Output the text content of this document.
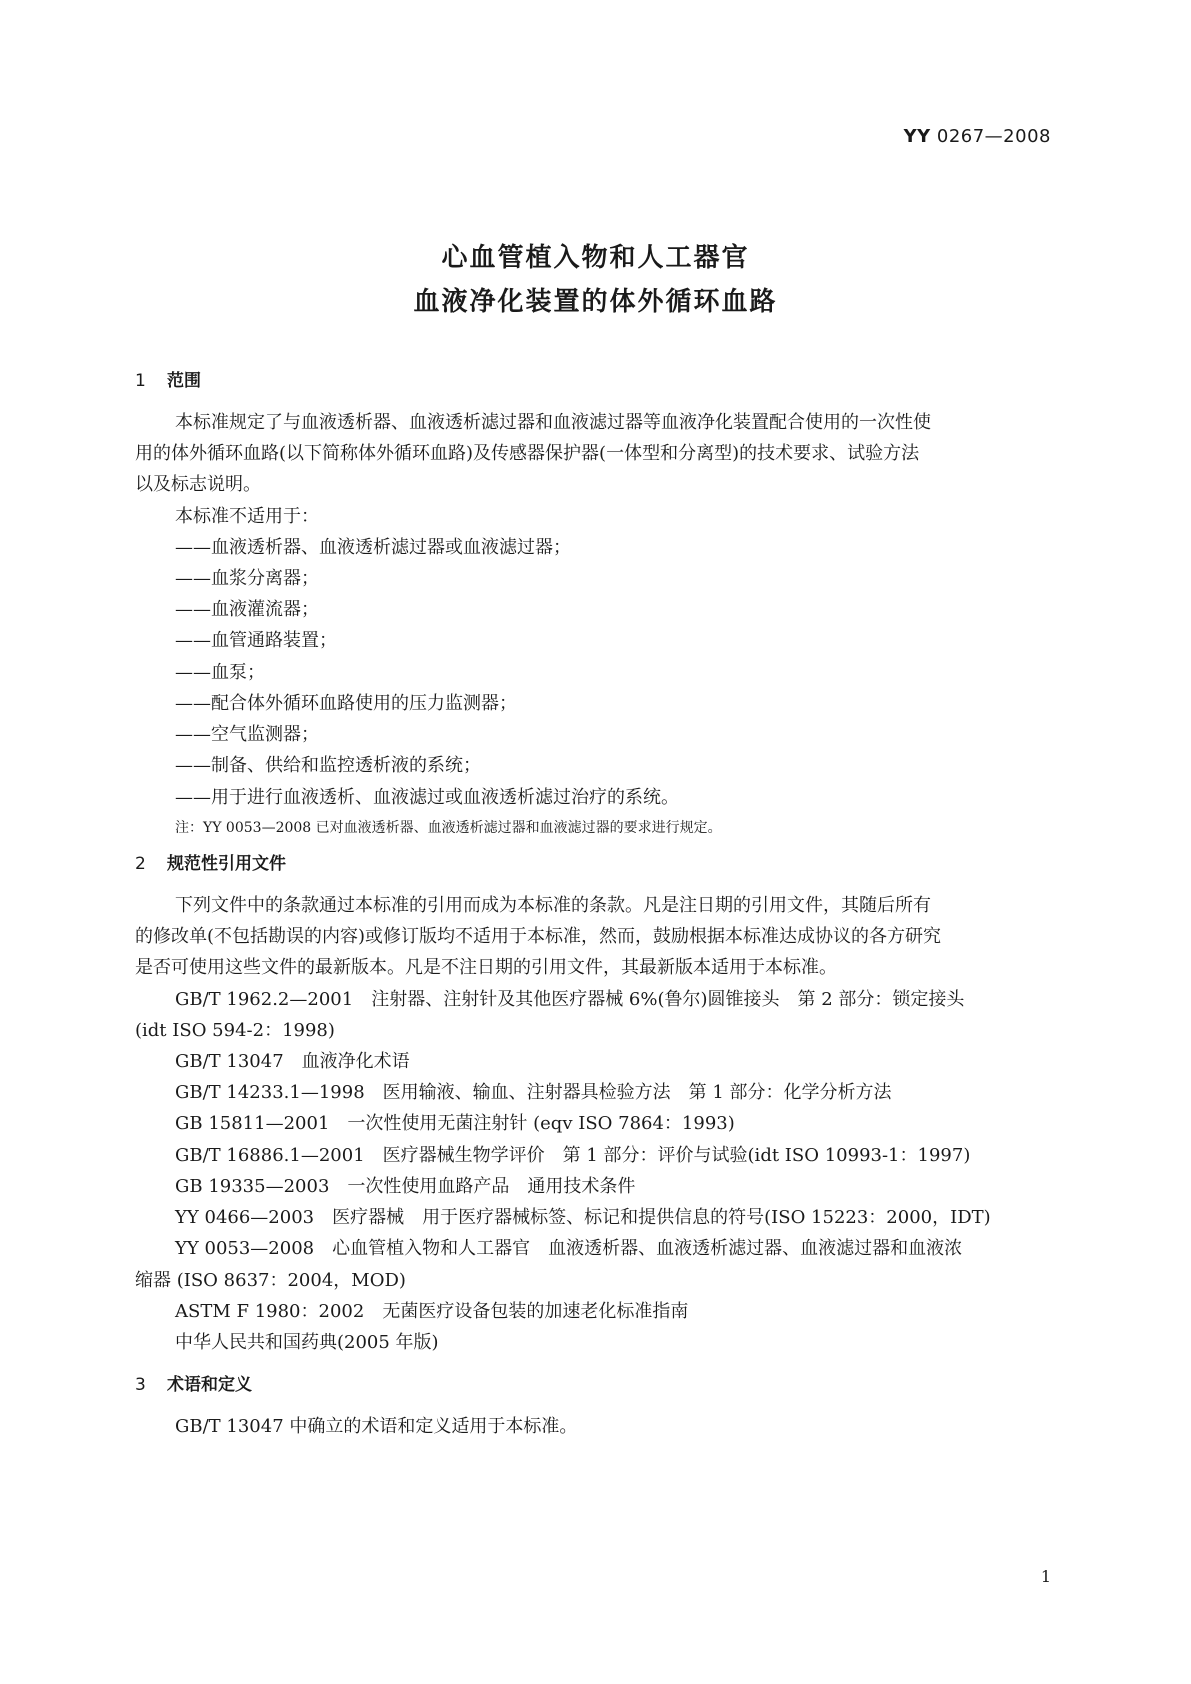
YY 0267—2008
心血管植入物和人工器官
血液净化装置的体外循环血路
1 范围
本标准规定了与血液透析器、血液透析滤过器和血液滤过器等血液净化装置配合使用的一次性使
用的体外循环血路(以下简称体外循环血路)及传感器保护器(一体型和分离型)的技术要求、试验方法
以及标志说明。
本标准不适用于：
——血液透析器、血液透析滤过器或血液滤过器；
——血浆分离器；
——血液灌流器；
——血管通路装置；
——血泵；
——配合体外循环血路使用的压力监测器；
——空气监测器；
——制备、供给和监控透析液的系统；
——用于进行血液透析、血液滤过或血液透析滤过治疗的系统。
注：YY 0053—2008 已对血液透析器、血液透析滤过器和血液滤过器的要求进行规定。
2 规范性引用文件
下列文件中的条款通过本标准的引用而成为本标准的条款。凡是注日期的引用文件，其随后所有
的修改单(不包括勘误的内容)或修订版均不适用于本标准，然而，鼓励根据本标准达成协议的各方研究
是否可使用这些文件的最新版本。凡是不注日期的引用文件，其最新版本适用于本标准。
GB/T 1962.2—2001　注射器、注射针及其他医疗器械 6%(鲁尔)圆锥接头　第 2 部分：锁定接头
(idt ISO 594-2：1998)
GB/T 13047　血液净化术语
GB/T 14233.1—1998　医用输液、输血、注射器具检验方法　第 1 部分：化学分析方法
GB 15811—2001　一次性使用无菌注射针 (eqv ISO 7864：1993)
GB/T 16886.1—2001　医疗器械生物学评价　第 1 部分：评价与试验(idt ISO 10993-1：1997)
GB 19335—2003　一次性使用血路产品　通用技术条件
YY 0466—2003　医疗器械　用于医疗器械标签、标记和提供信息的符号(ISO 15223：2000，IDT)
YY 0053—2008　心血管植入物和人工器官　血液透析器、血液透析滤过器、血液滤过器和血液浓
缩器 (ISO 8637：2004，MOD)
ASTM F 1980：2002　无菌医疗设备包装的加速老化标准指南
中华人民共和国药典(2005 年版)
3 术语和定义
GB/T 13047 中确立的术语和定义适用于本标准。
1
